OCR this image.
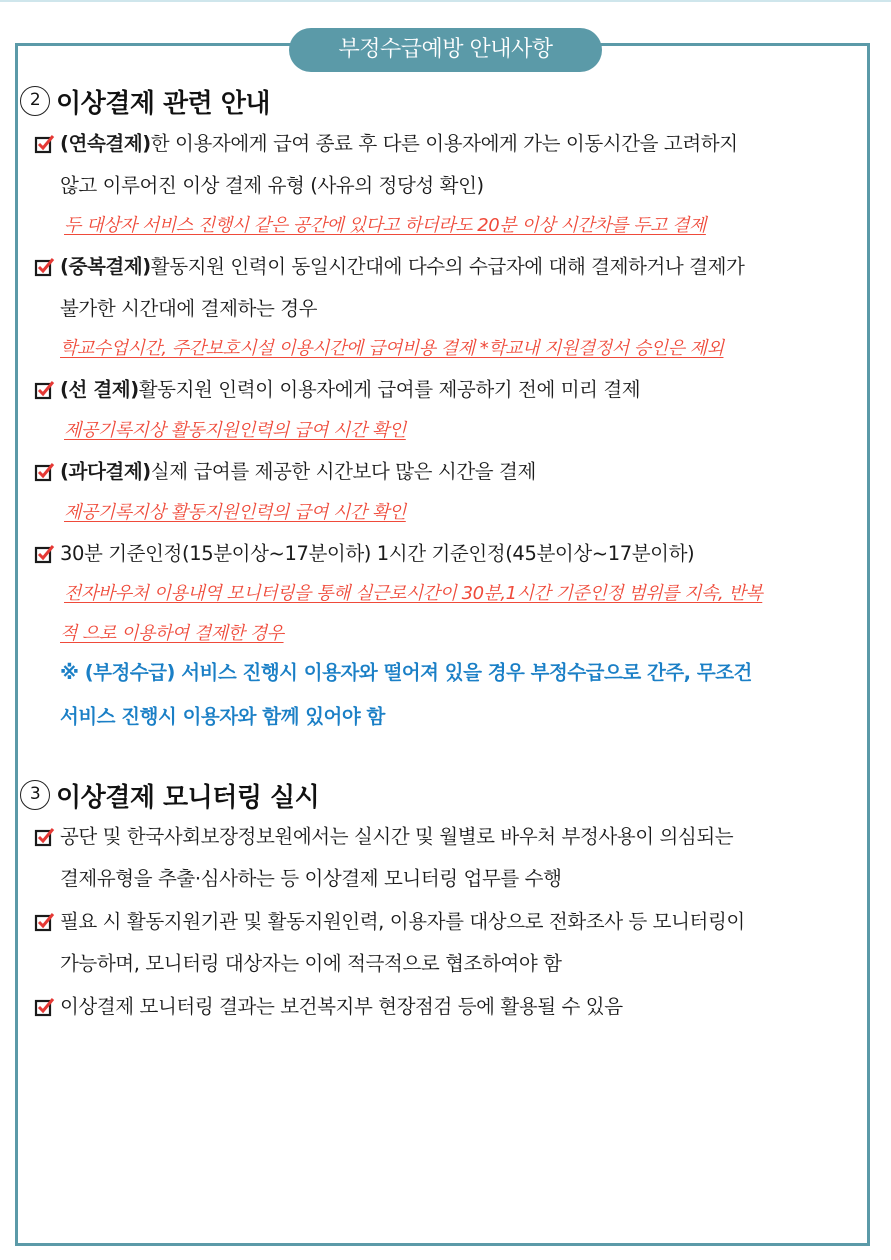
부정수급예방 안내사항
2 이상결제 관련 안내
(연속결제) 한 이용자에게 급여 종료 후 다른 이용자에게 가는 이동시간을 고려하지
않고 이루어진 이상 결제 유형 (사유의 정당성 확인)
두 대상자 서비스 진행시 같은 공간에 있다고 하더라도 20분 이상 시간차를 두고 결제
(중복결제) 활동지원 인력이 동일시간대에 다수의 수급자에 대해 결제하거나 결제가
불가한 시간대에 결제하는 경우
학교수업시간, 주간보호시설 이용시간에 급여비용 결제 *학교내 지원결정서 승인은 제외
(선 결제) 활동지원 인력이 이용자에게 급여를 제공하기 전에 미리 결제
제공기록지상 활동지원인력의 급여 시간 확인
(과다결제) 실제 급여를 제공한 시간보다 많은 시간을 결제
제공기록지상 활동지원인력의 급여 시간 확인
30분 기준인정(15분이상~17분이하) 1시간 기준인정(45분이상~17분이하)
전자바우처 이용내역 모니터링을 통해 실근로시간이 30분,1시간 기준인정 범위를 지속, 반복
적 으로 이용하여 결제한 경우
※ (부정수급) 서비스 진행시 이용자와 떨어져 있을 경우 부정수급으로 간주, 무조건
서비스 진행시 이용자와 함께 있어야 함
3 이상결제 모니터링 실시
공단 및 한국사회보장정보원에서는 실시간 및 월별로 바우처 부정사용이 의심되는
결제유형을 추출·심사하는 등 이상결제 모니터링 업무를 수행
필요 시 활동지원기관 및 활동지원인력, 이용자를 대상으로 전화조사 등 모니터링이
가능하며, 모니터링 대상자는 이에 적극적으로 협조하여야 함
이상결제 모니터링 결과는 보건복지부 현장점검 등에 활용될 수 있음
